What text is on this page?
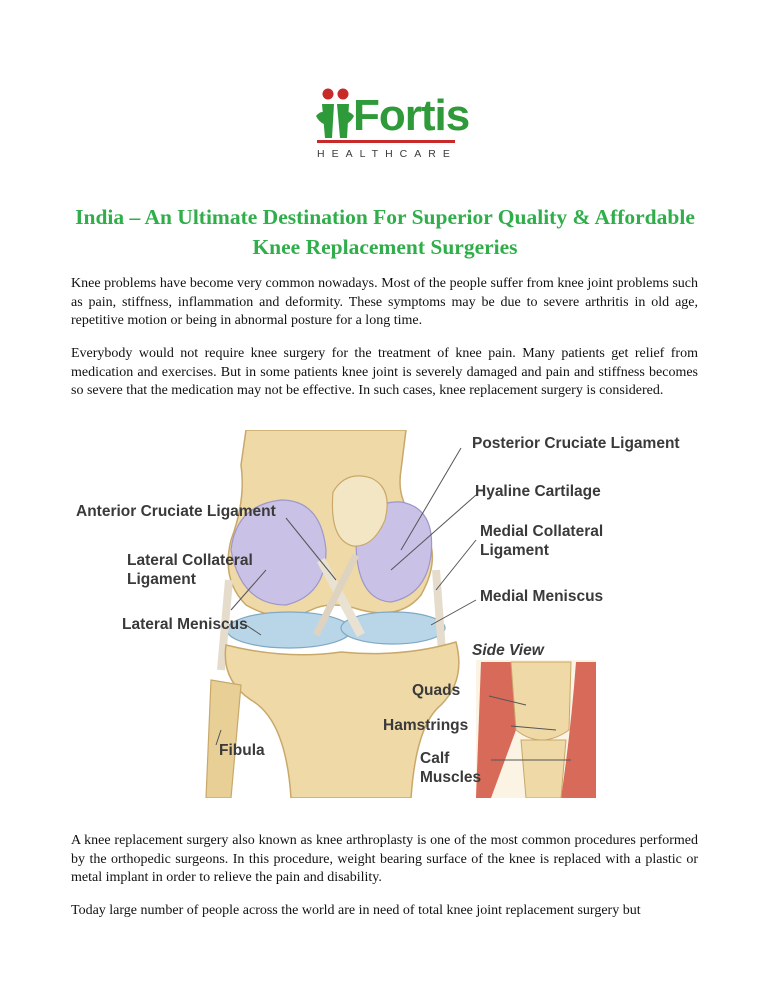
Fortis
HEALTHCARE
India – An Ultimate Destination For Superior Quality & Affordable Knee Replacement Surgeries

Knee problems have become very common nowadays. Most of the people suffer from knee joint problems such as pain, stiffness, inflammation and deformity. These symptoms may be due to severe arthritis in old age, repetitive motion or being in abnormal posture for a long time.

Everybody would not require knee surgery for the treatment of knee pain. Many patients get relief from medication and exercises. But in some patients knee joint is severely damaged and pain and stiffness becomes so severe that the medication may not be effective. In such cases, knee replacement surgery is considered.

Posterior Cruciate Ligament
Hyaline Cartilage
Anterior Cruciate Ligament
Medial Collateral
Ligament
Lateral Collateral
Ligament
Medial Meniscus
Lateral Meniscus
Side View
Quads
Hamstrings
Fibula	Calf
Muscles

A knee replacement surgery also known as knee arthroplasty is one of the most common procedures performed by the orthopedic surgeons. In this procedure, weight bearing surface of the knee is replaced with a plastic or metal implant in order to relieve the pain and disability.

Today large number of people across the world are in need of total knee joint replacement surgery but
